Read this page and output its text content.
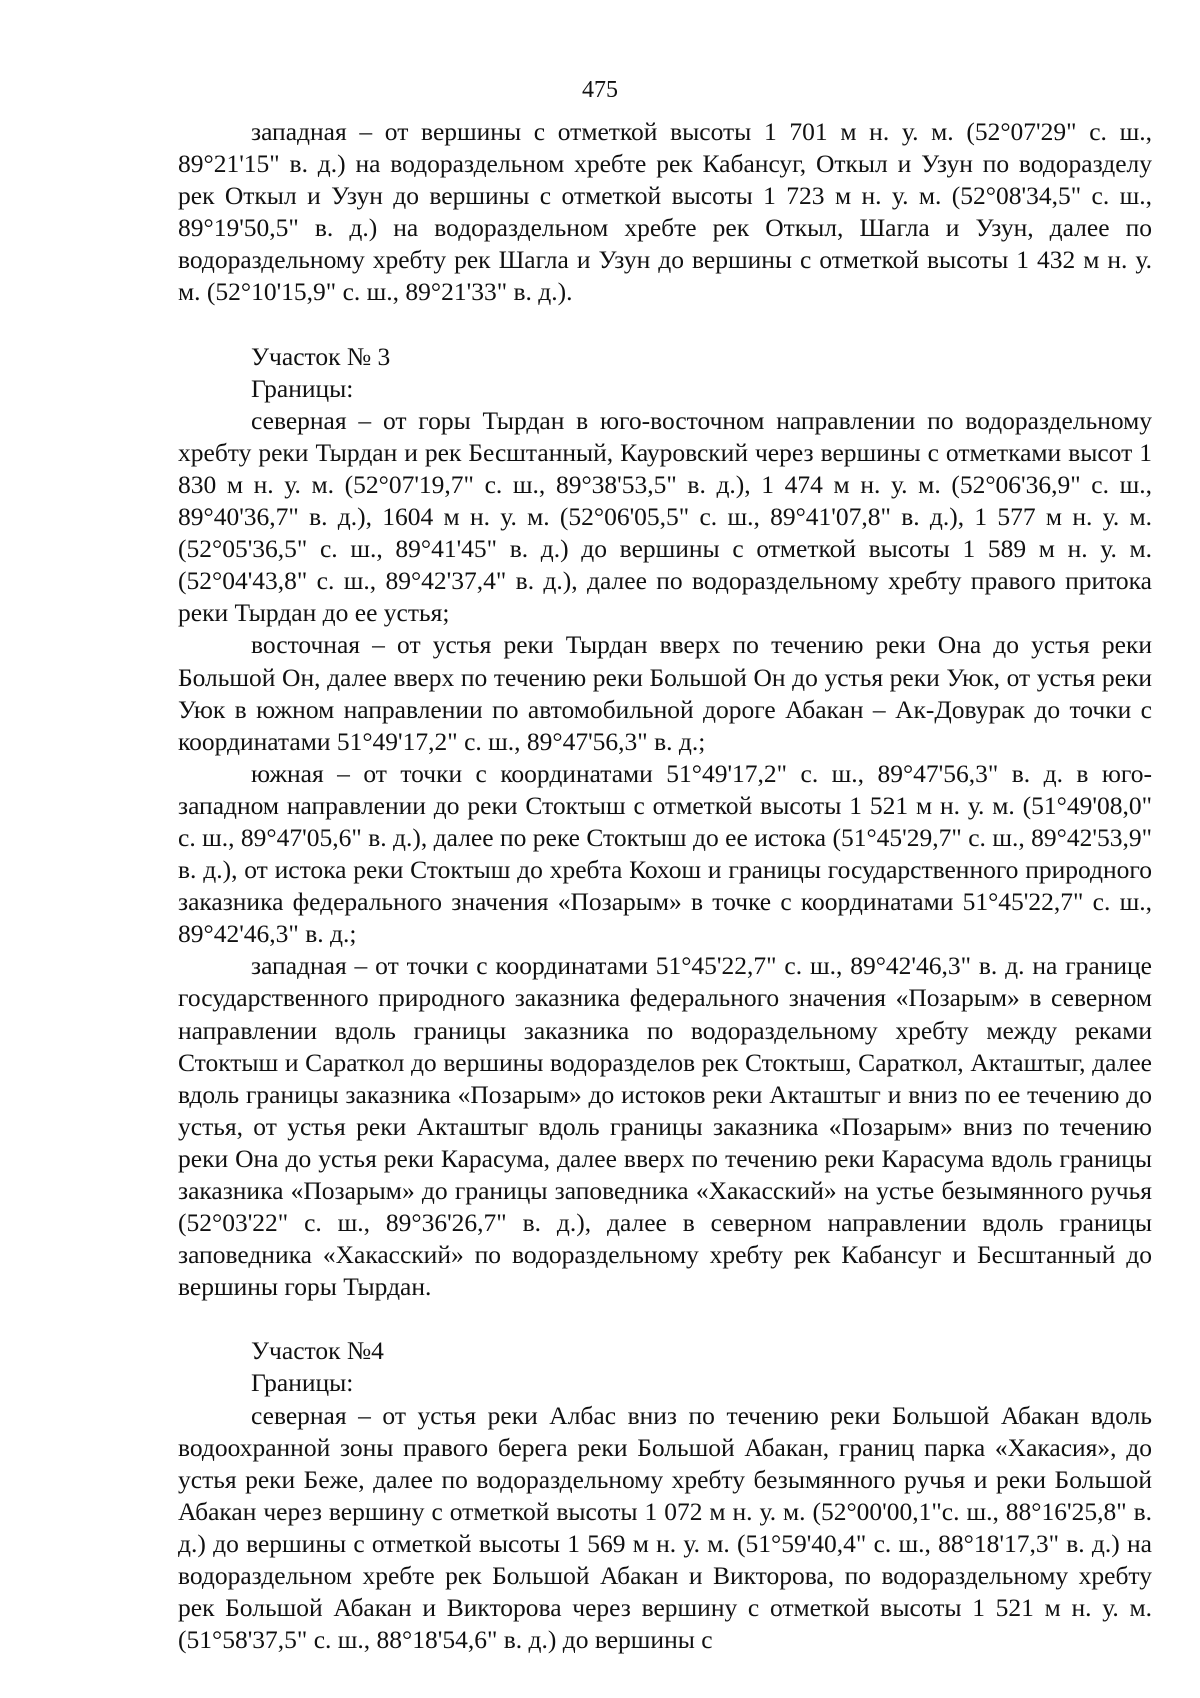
475

западная – от вершины с отметкой высоты 1 701 м н. у. м. (52°07'29" с. ш., 89°21'15" в. д.) на водораздельном хребте рек Кабансуг, Откыл и Узун по водоразделу рек Откыл и Узун до вершины с отметкой высоты 1 723 м н. у. м. (52°08'34,5" с. ш., 89°19'50,5" в. д.) на водораздельном хребте рек Откыл, Шагла и Узун, далее по водораздельному хребту рек Шагла и Узун до вершины с отметкой высоты 1 432 м н. у. м. (52°10'15,9" с. ш., 89°21'33" в. д.).

Участок № 3

Границы:

северная – от горы Тырдан в юго-восточном направлении по водораздельному хребту реки Тырдан и рек Бесштанный, Кауровский через вершины с отметками высот 1 830 м н. у. м. (52°07'19,7" с. ш., 89°38'53,5" в. д.), 1 474 м н. у. м. (52°06'36,9" с. ш., 89°40'36,7" в. д.), 1604 м н. у. м. (52°06'05,5" с. ш., 89°41'07,8" в. д.), 1 577 м н. у. м. (52°05'36,5" с. ш., 89°41'45" в. д.) до вершины с отметкой высоты 1 589 м н. у. м. (52°04'43,8" с. ш., 89°42'37,4" в. д.), далее по водораздельному хребту правого притока реки Тырдан до ее устья;

восточная – от устья реки Тырдан вверх по течению реки Она до устья реки Большой Он, далее вверх по течению реки Большой Он до устья реки Уюк, от устья реки Уюк в южном направлении по автомобильной дороге Абакан – Ак-Довурак до точки с координатами 51°49'17,2" с. ш., 89°47'56,3" в. д.;

южная – от точки с координатами 51°49'17,2" с. ш., 89°47'56,3" в. д. в юго-западном направлении до реки Стоктыш с отметкой высоты 1 521 м н. у. м. (51°49'08,0" с. ш., 89°47'05,6" в. д.), далее по реке Стоктыш до ее истока (51°45'29,7" с. ш., 89°42'53,9" в. д.), от истока реки Стоктыш до хребта Кохош и границы государственного природного заказника федерального значения «Позарым» в точке с координатами 51°45'22,7" с. ш., 89°42'46,3" в. д.;

западная – от точки с координатами 51°45'22,7" с. ш., 89°42'46,3" в. д. на границе государственного природного заказника федерального значения «Позарым» в северном направлении вдоль границы заказника по водораздельному хребту между реками Стоктыш и Сараткол до вершины водоразделов рек Стоктыш, Сараткол, Акташтыг, далее вдоль границы заказника «Позарым» до истоков реки Акташтыг и вниз по ее течению до устья, от устья реки Акташтыг вдоль границы заказника «Позарым» вниз по течению реки Она до устья реки Карасума, далее вверх по течению реки Карасума вдоль границы заказника «Позарым» до границы заповедника «Хакасский» на устье безымянного ручья (52°03'22" с. ш., 89°36'26,7" в. д.), далее в северном направлении вдоль границы заповедника «Хакасский» по водораздельному хребту рек Кабансуг и Бесштанный до вершины горы Тырдан.

Участок №4

Границы:

северная – от устья реки Албас вниз по течению реки Большой Абакан вдоль водоохранной зоны правого берега реки Большой Абакан, границ парка «Хакасия», до устья реки Беже, далее по водораздельному хребту безымянного ручья и реки Большой Абакан через вершину с отметкой высоты 1 072 м н. у. м. (52°00'00,1"с. ш., 88°16'25,8" в. д.) до вершины с отметкой высоты 1 569 м н. у. м. (51°59'40,4" с. ш., 88°18'17,3" в. д.) на водораздельном хребте рек Большой Абакан и Викторова, по водораздельному хребту рек Большой Абакан и Викторова через вершину с отметкой высоты 1 521 м н. у. м. (51°58'37,5" с. ш., 88°18'54,6" в. д.) до вершины с
